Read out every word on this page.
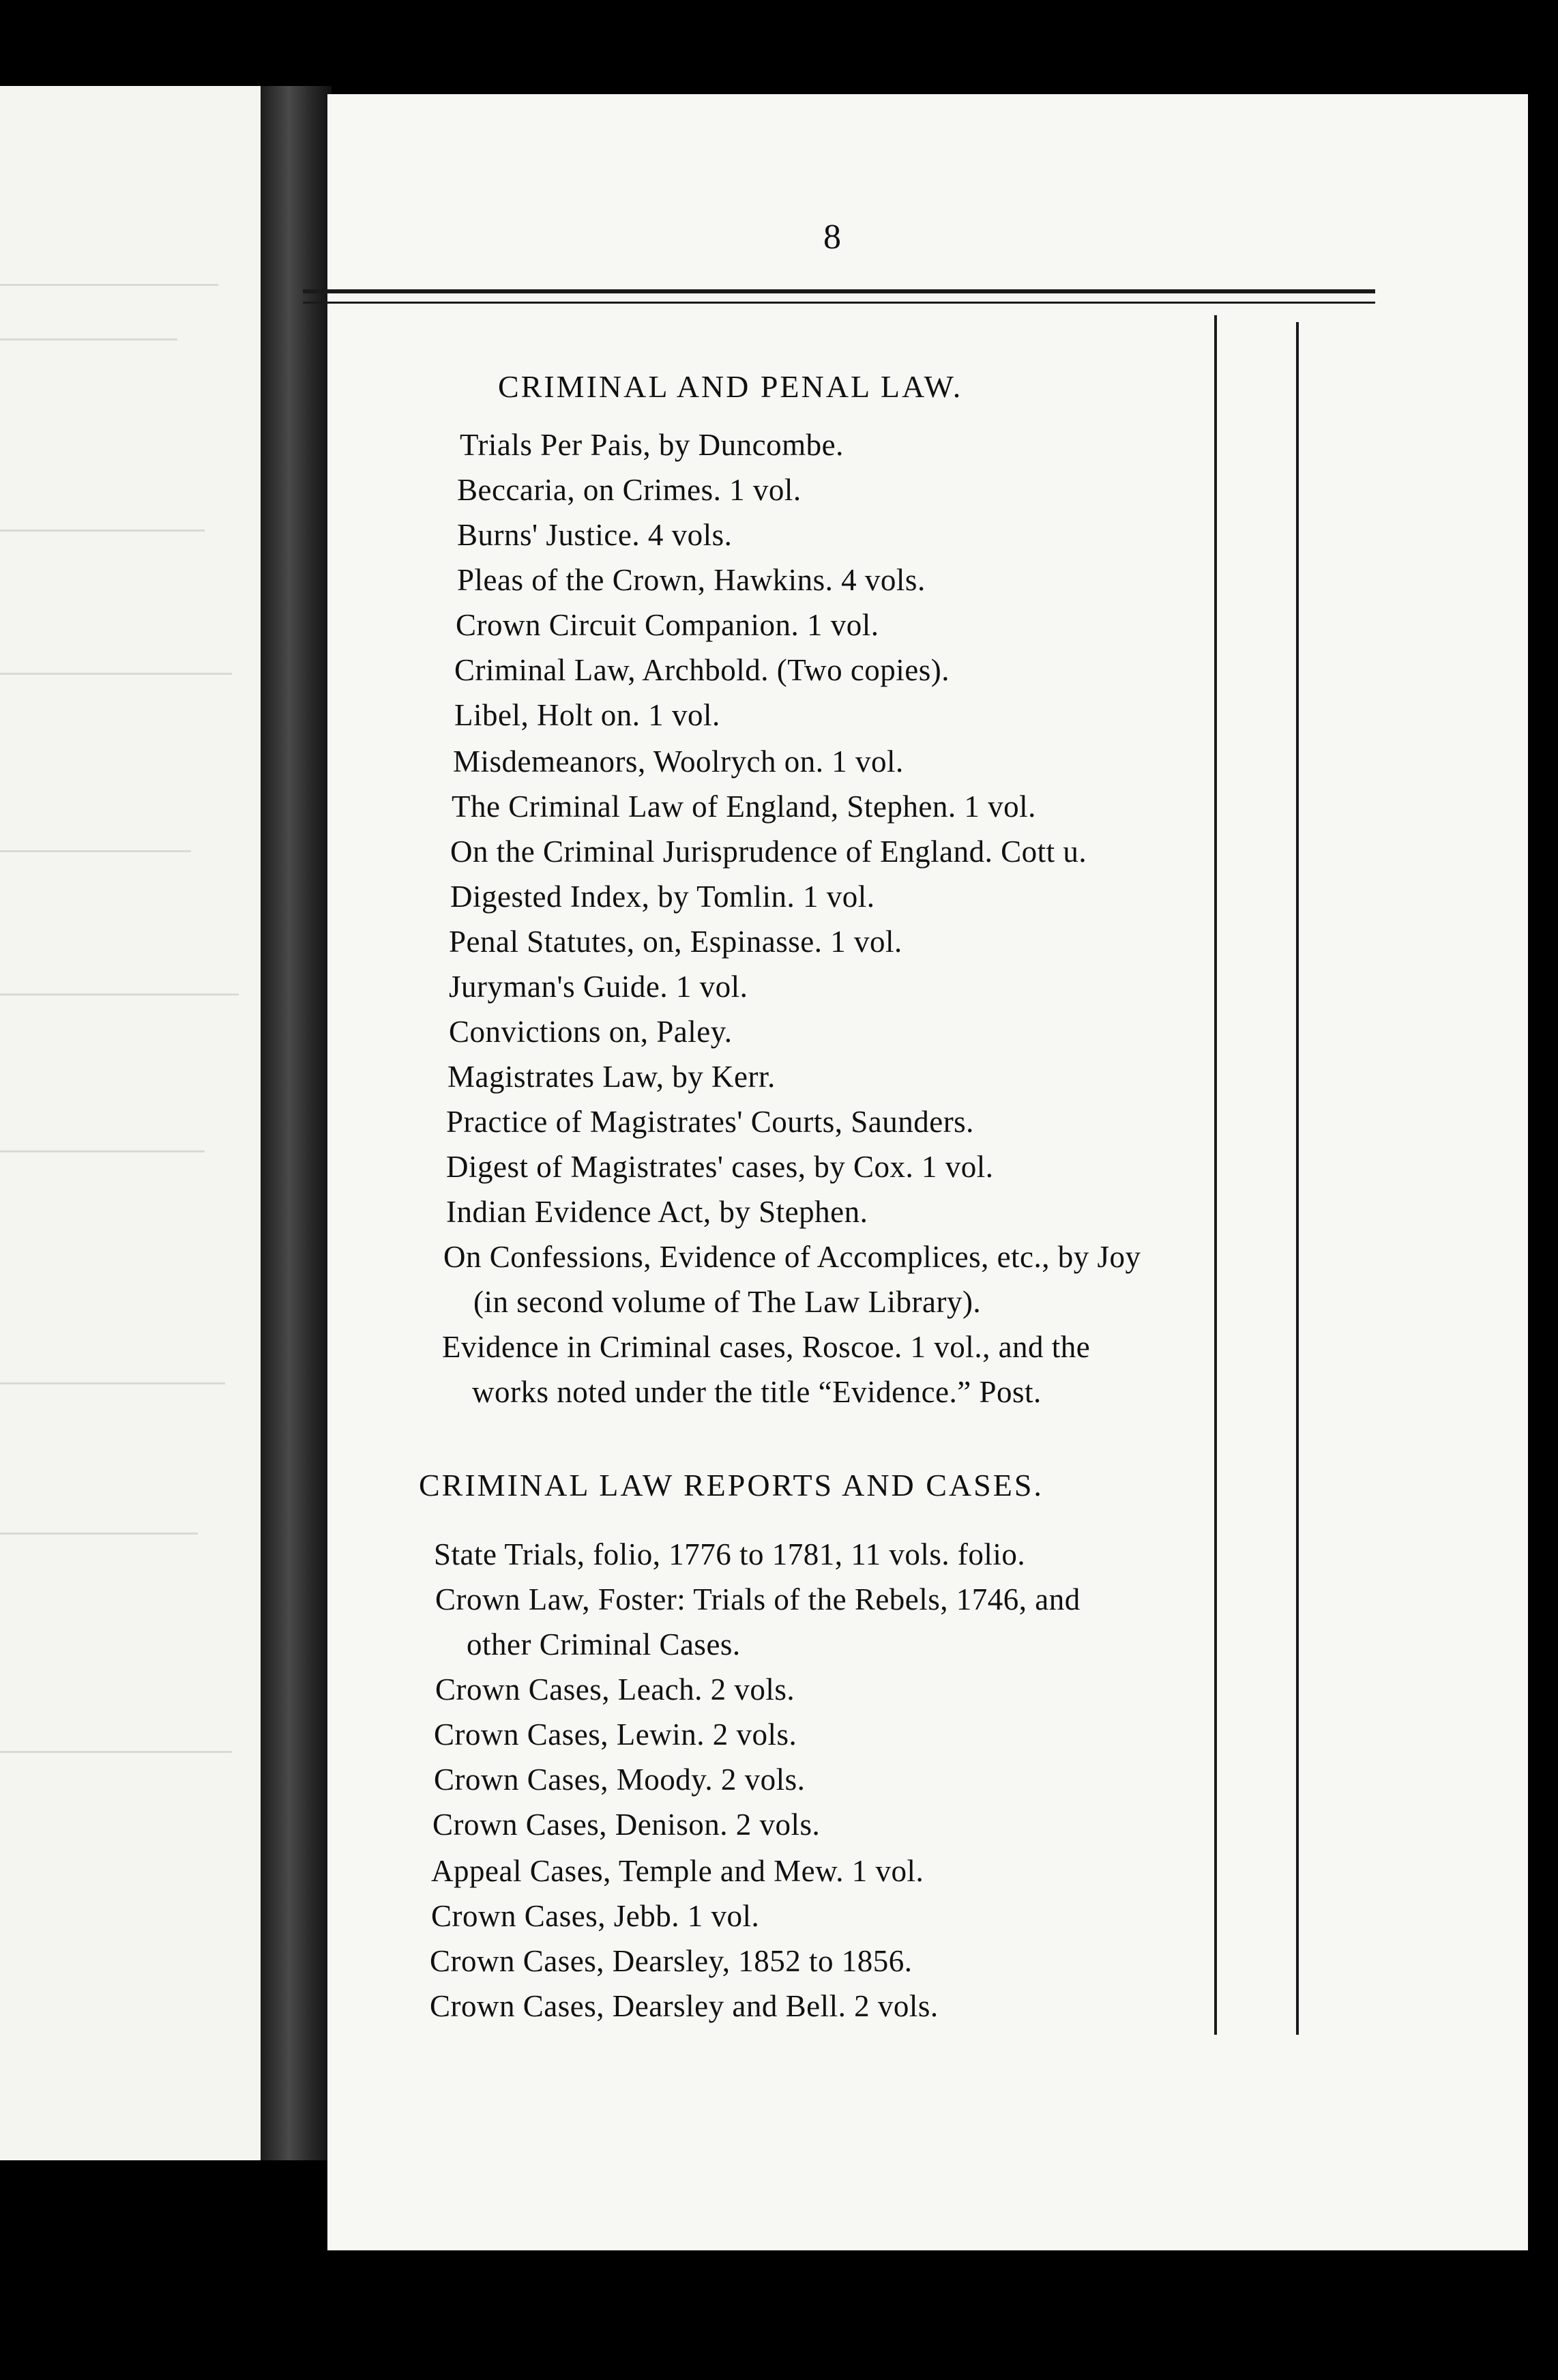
8
CRIMINAL AND PENAL LAW.
Trials Per Pais, by Duncombe.
Beccaria, on Crimes. 1 vol.
Burns' Justice. 4 vols.
Pleas of the Crown, Hawkins. 4 vols.
Crown Circuit Companion. 1 vol.
Criminal Law, Archbold. (Two copies).
Libel, Holt on. 1 vol.
Misdemeanors, Woolrych on. 1 vol.
The Criminal Law of England, Stephen. 1 vol.
On the Criminal Jurisprudence of England. Cott u.
Digested Index, by Tomlin. 1 vol.
Penal Statutes, on, Espinasse. 1 vol.
Juryman's Guide. 1 vol.
Convictions on, Paley.
Magistrates Law, by Kerr.
Practice of Magistrates' Courts, Saunders.
Digest of Magistrates' cases, by Cox. 1 vol.
Indian Evidence Act, by Stephen.
On Confessions, Evidence of Accomplices, etc., by Joy
(in second volume of The Law Library).
Evidence in Criminal cases, Roscoe. 1 vol., and the
works noted under the title “Evidence.” Post.
CRIMINAL LAW REPORTS AND CASES.
State Trials, folio, 1776 to 1781, 11 vols. folio.
Crown Law, Foster: Trials of the Rebels, 1746, and
other Criminal Cases.
Crown Cases, Leach. 2 vols.
Crown Cases, Lewin. 2 vols.
Crown Cases, Moody. 2 vols.
Crown Cases, Denison. 2 vols.
Appeal Cases, Temple and Mew. 1 vol.
Crown Cases, Jebb. 1 vol.
Crown Cases, Dearsley, 1852 to 1856.
Crown Cases, Dearsley and Bell. 2 vols.
